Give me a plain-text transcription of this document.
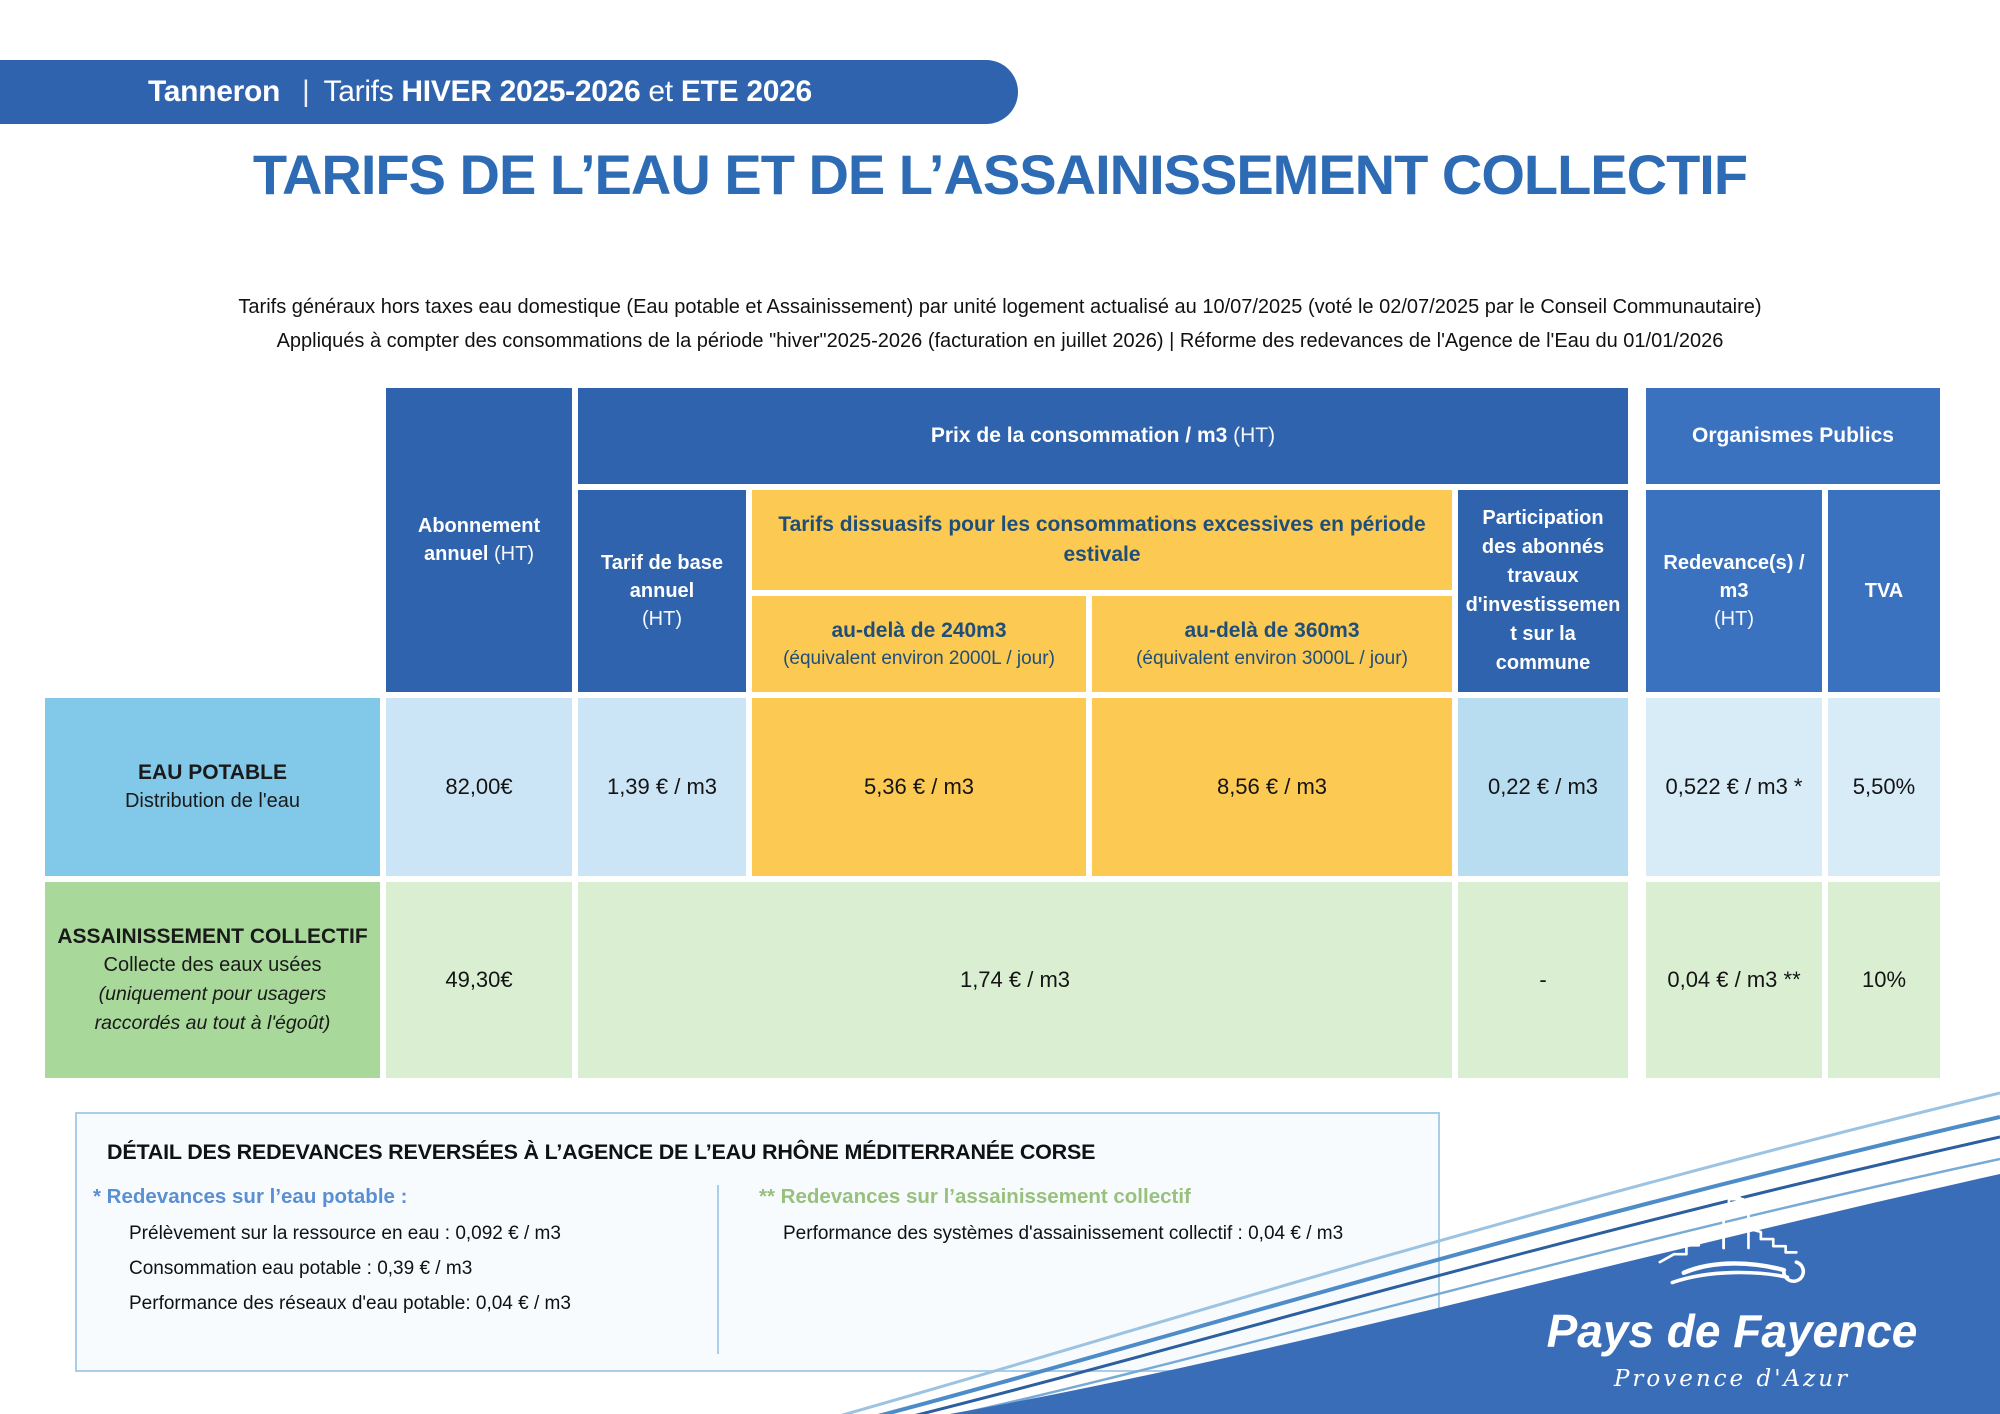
Tanneron | Tarifs HIVER 2025-2026 et ETE 2026
TARIFS DE L’EAU ET DE L’ASSAINISSEMENT COLLECTIF
Tarifs généraux hors taxes eau domestique (Eau potable et Assainissement) par unité logement actualisé au 10/07/2025 (voté le 02/07/2025 par le Conseil Communautaire)
Appliqués à compter des consommations de la période "hiver"2025-2026 (facturation en juillet 2026) | Réforme des redevances de l'Agence de l'Eau du 01/01/2026
Abonnement annuel (HT)
Prix de la consommation / m3 (HT)	Organismes Publics
Tarif de base annuel
(HT)
Tarifs dissuasifs pour les consommations excessives en période estivale
au-delà de 240m3
(équivalent environ 2000L / jour)
au-delà de 360m3
(équivalent environ 3000L / jour)
Participation des abonnés travaux d'investissement sur la commune
Redevance(s) / m3
(HT)
TVA
EAU POTABLE
Distribution de l'eau
82,00€	1,39 € / m3	5,36 € / m3	8,56 € / m3	0,22 € / m3	0,522 € / m3 *	5,50%
ASSAINISSEMENT COLLECTIF
Collecte des eaux usées
(uniquement pour usagers raccordés au tout à l'égoût)
49,30€	1,74 € / m3	-	0,04 € / m3 **	10%
DÉTAIL DES REDEVANCES REVERSÉES À L’AGENCE DE L’EAU RHÔNE MÉDITERRANÉE CORSE
* Redevances sur l’eau potable :
Prélèvement sur la ressource en eau : 0,092 € / m3
Consommation eau potable : 0,39 € / m3
Performance des réseaux d'eau potable: 0,04 € / m3
** Redevances sur l’assainissement collectif
Performance des systèmes d'assainissement collectif : 0,04 € / m3
Pays de Fayence
Provence d'Azur
